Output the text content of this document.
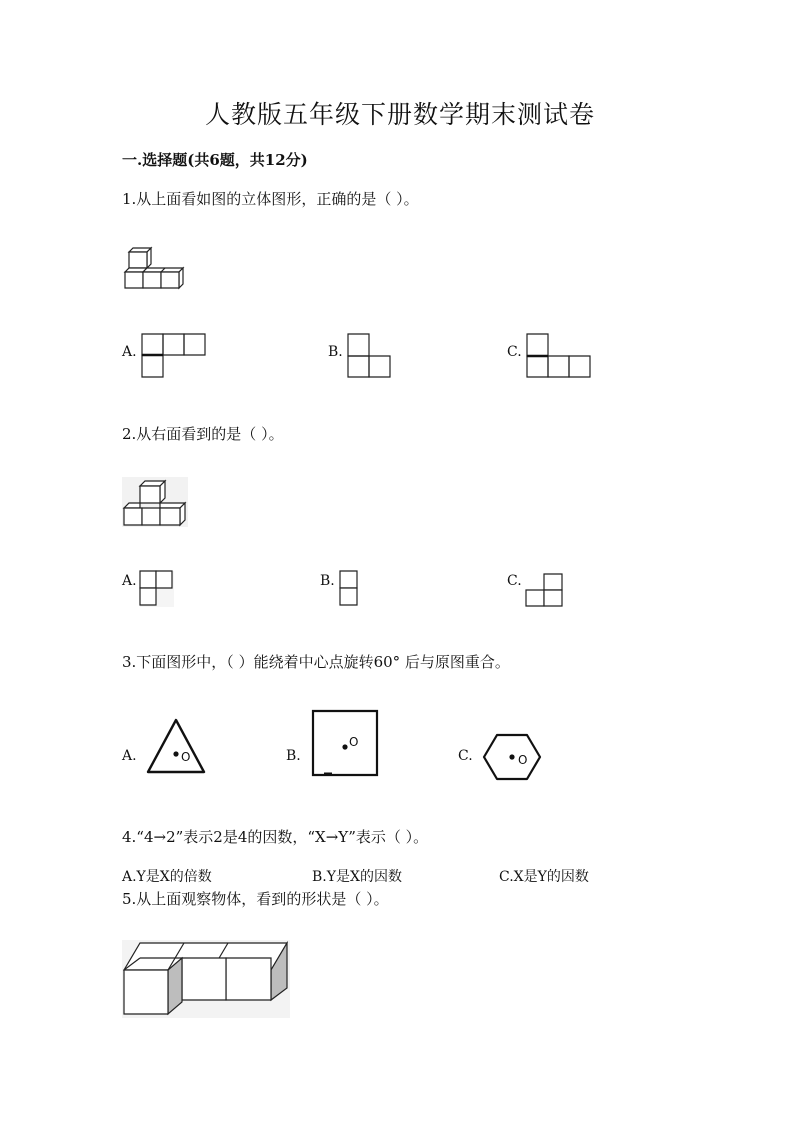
人教版五年级下册数学期末测试卷
一.选择题(共6题，共12分)
1.从上面看如图的立体图形，正确的是（ ）。
A.	B.	C.
2.从右面看到的是（ ）。
A.	B.	C.
3.下面图形中，（ ）能绕着中心点旋转60° 后与原图重合。
A.	O	B.
O
C.	O
4.“4→2”表示2是4的因数，“X→Y”表示（ ）。
A.Y是X的倍数	B.Y是X的因数	C.X是Y的因数
5.从上面观察物体，看到的形状是（ ）。
